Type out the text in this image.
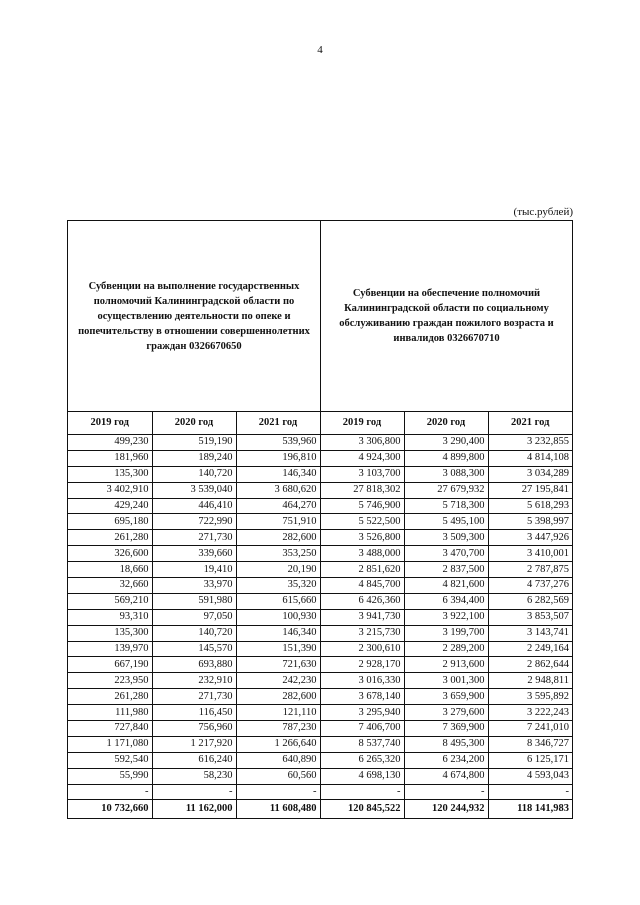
4
(тыс.рублей)
Субвенции на выполнение государственных полномочий Калининградской области по осуществлению деятельности по опеке и попечительству в отношении совершеннолетних граждан 0326670650
Субвенции на обеспечение полномочий Калининградской области по социальному обслуживанию граждан пожилого возраста и инвалидов 0326670710
2019 год	2020 год	2021 год	2019 год	2020 год	2021 год
499,230	519,190	539,960	3 306,800	3 290,400	3 232,855
181,960	189,240	196,810	4 924,300	4 899,800	4 814,108
135,300	140,720	146,340	3 103,700	3 088,300	3 034,289
3 402,910	3 539,040	3 680,620	27 818,302	27 679,932	27 195,841
429,240	446,410	464,270	5 746,900	5 718,300	5 618,293
695,180	722,990	751,910	5 522,500	5 495,100	5 398,997
261,280	271,730	282,600	3 526,800	3 509,300	3 447,926
326,600	339,660	353,250	3 488,000	3 470,700	3 410,001
18,660	19,410	20,190	2 851,620	2 837,500	2 787,875
32,660	33,970	35,320	4 845,700	4 821,600	4 737,276
569,210	591,980	615,660	6 426,360	6 394,400	6 282,569
93,310	97,050	100,930	3 941,730	3 922,100	3 853,507
135,300	140,720	146,340	3 215,730	3 199,700	3 143,741
139,970	145,570	151,390	2 300,610	2 289,200	2 249,164
667,190	693,880	721,630	2 928,170	2 913,600	2 862,644
223,950	232,910	242,230	3 016,330	3 001,300	2 948,811
261,280	271,730	282,600	3 678,140	3 659,900	3 595,892
111,980	116,450	121,110	3 295,940	3 279,600	3 222,243
727,840	756,960	787,230	7 406,700	7 369,900	7 241,010
1 171,080	1 217,920	1 266,640	8 537,740	8 495,300	8 346,727
592,540	616,240	640,890	6 265,320	6 234,200	6 125,171
55,990	58,230	60,560	4 698,130	4 674,800	4 593,043
-	-	-	-	-	-
10 732,660	11 162,000	11 608,480	120 845,522	120 244,932	118 141,983
